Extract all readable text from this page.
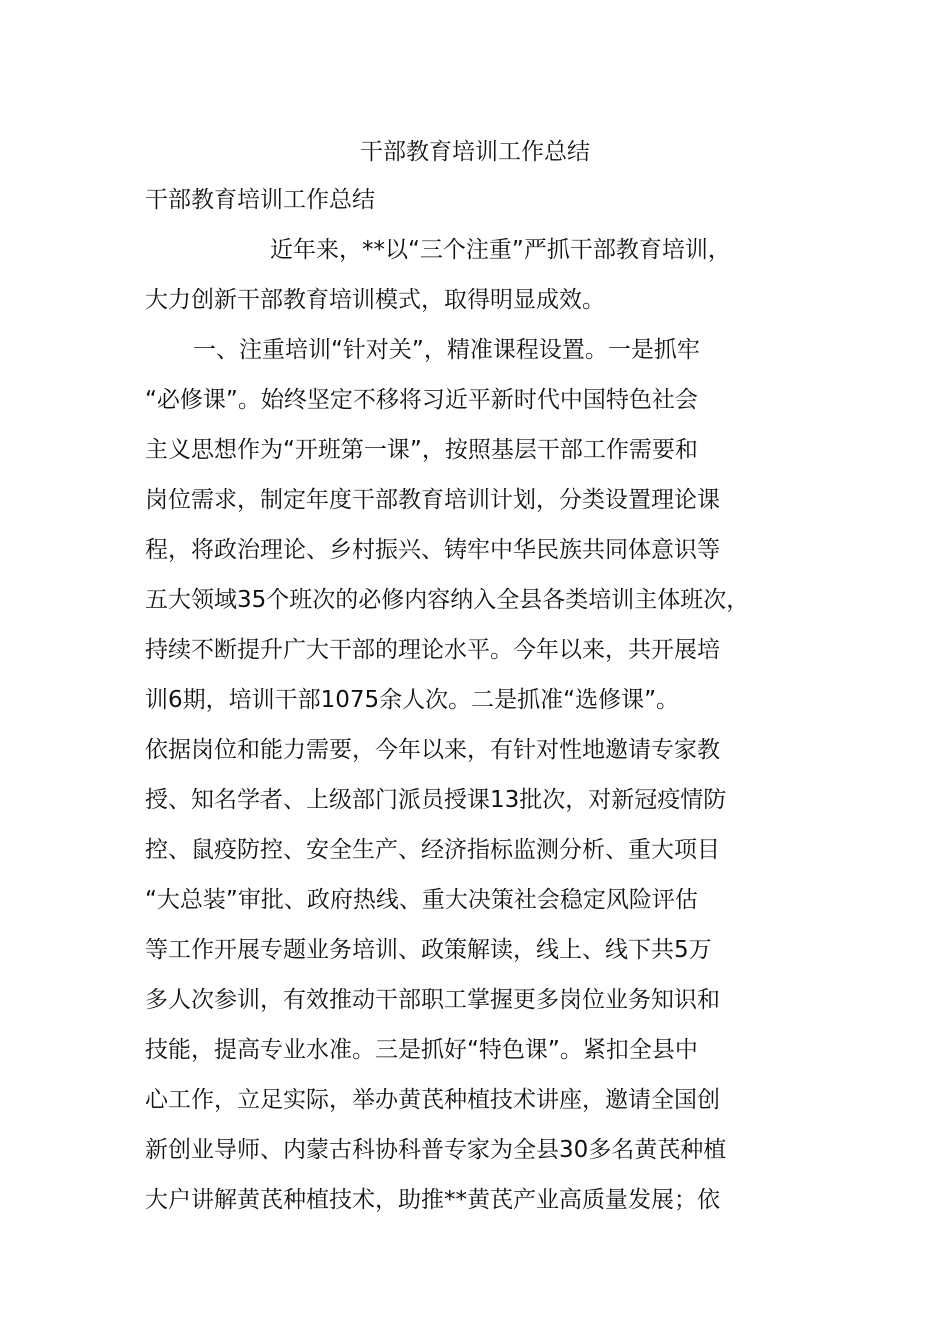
干部教育培训工作总结
干部教育培训工作总结
近年来，**以“三个注重”严抓干部教育培训，
大力创新干部教育培训模式，取得明显成效。
一、注重培训“针对关”，精准课程设置。一是抓牢
“必修课”。始终坚定不移将习近平新时代中国特色社会
主义思想作为“开班第一课”，按照基层干部工作需要和
岗位需求，制定年度干部教育培训计划，分类设置理论课
程，将政治理论、乡村振兴、铸牢中华民族共同体意识等
五大领域35个班次的必修内容纳入全县各类培训主体班次，
持续不断提升广大干部的理论水平。今年以来，共开展培
训6期，培训干部1075余人次。二是抓准“选修课”。
依据岗位和能力需要，今年以来，有针对性地邀请专家教
授、知名学者、上级部门派员授课13批次，对新冠疫情防
控、鼠疫防控、安全生产、经济指标监测分析、重大项目
“大总装”审批、政府热线、重大决策社会稳定风险评估
等工作开展专题业务培训、政策解读，线上、线下共5万
多人次参训，有效推动干部职工掌握更多岗位业务知识和
技能，提高专业水准。三是抓好“特色课”。紧扣全县中
心工作，立足实际，举办黄芪种植技术讲座，邀请全国创
新创业导师、内蒙古科协科普专家为全县30多名黄芪种植
大户讲解黄芪种植技术，助推**黄芪产业高质量发展；依
